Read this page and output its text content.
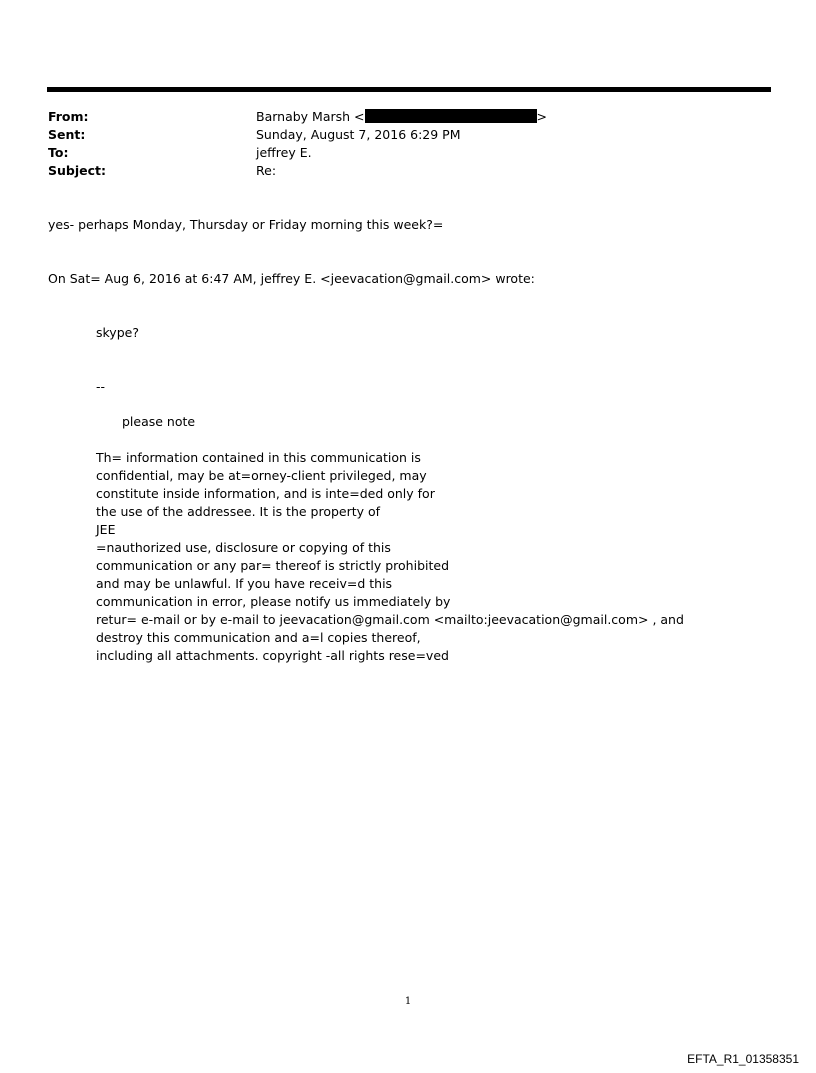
From:	Barnaby Marsh <	>
Sent:	Sunday, August 7, 2016 6:29 PM
To:	jeffrey E.
Subject:	Re:
yes- perhaps Monday, Thursday or Friday morning this week?=
On Sat= Aug 6, 2016 at 6:47 AM, jeffrey E. <jeevacation@gmail.com> wrote:
skype?
--
please note
Th= information contained in this communication is
confidential, may be at=orney-client privileged, may
constitute inside information, and is inte=ded only for
the use of the addressee. It is the property of
JEE
=nauthorized use, disclosure or copying of this
communication or any par= thereof is strictly prohibited
and may be unlawful. If you have receiv=d this
communication in error, please notify us immediately by
retur= e-mail or by e-mail to jeevacation@gmail.com <mailto:jeevacation@gmail.com> , and
destroy this communication and a=l copies thereof,
including all attachments. copyright -all rights rese=ved
1
EFTA_R1_01358351
